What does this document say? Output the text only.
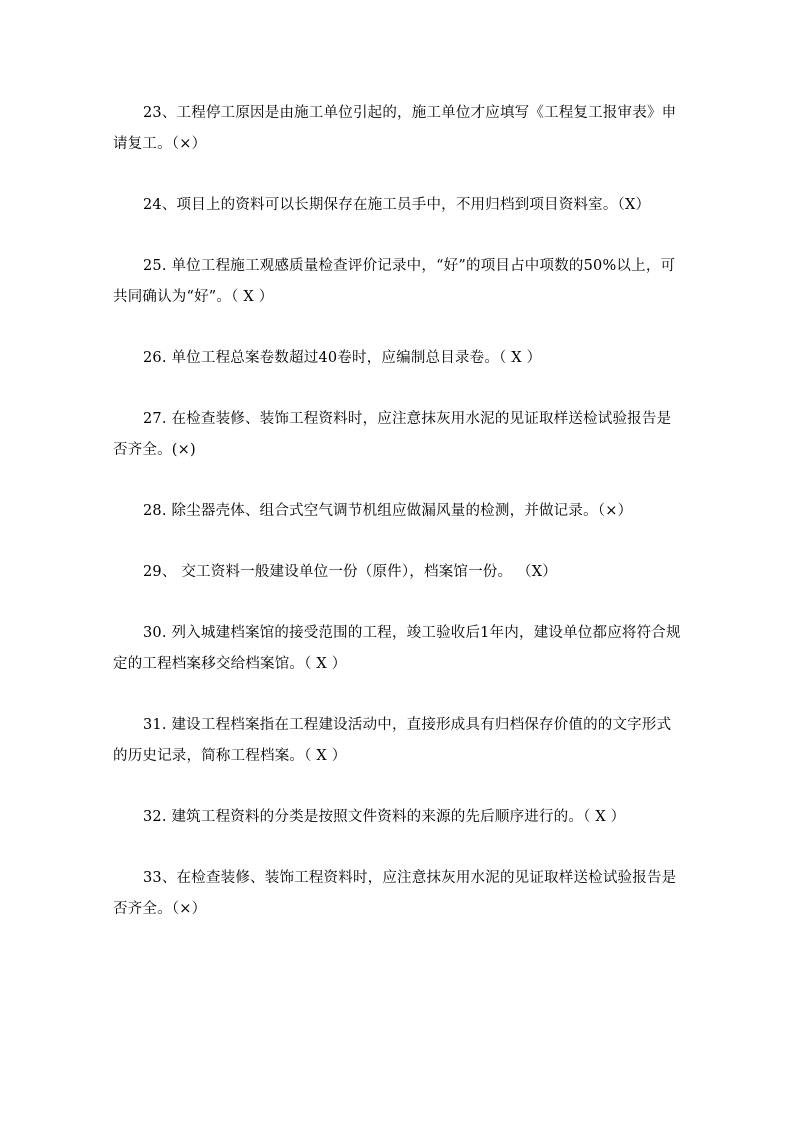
23、工程停工原因是由施工单位引起的，施工单位才应填写《工程复工报审表》申请复工。（×）

24、项目上的资料可以长期保存在施工员手中，不用归档到项目资料室。（X）

25. 单位工程施工观感质量检查评价记录中，“好”的项目占中项数的50%以上，可共同确认为“好”。（ X ）

26. 单位工程总案卷数超过40卷时，应编制总目录卷。（ X ）

27. 在检查装修、装饰工程资料时，应注意抹灰用水泥的见证取样送检试验报告是否齐全。(×)

28. 除尘器壳体、组合式空气调节机组应做漏风量的检测，并做记录。（×）

29、 交工资料一般建设单位一份（原件），档案馆一份。 （X）

30. 列入城建档案馆的接受范围的工程，竣工验收后1年内，建设单位都应将符合规定的工程档案移交给档案馆。（ X ）

31. 建设工程档案指在工程建设活动中，直接形成具有归档保存价值的的文字形式的历史记录，简称工程档案。（ X ）

32. 建筑工程资料的分类是按照文件资料的来源的先后顺序进行的。（ X ）

33、在检查装修、装饰工程资料时，应注意抹灰用水泥的见证取样送检试验报告是否齐全。（×）
